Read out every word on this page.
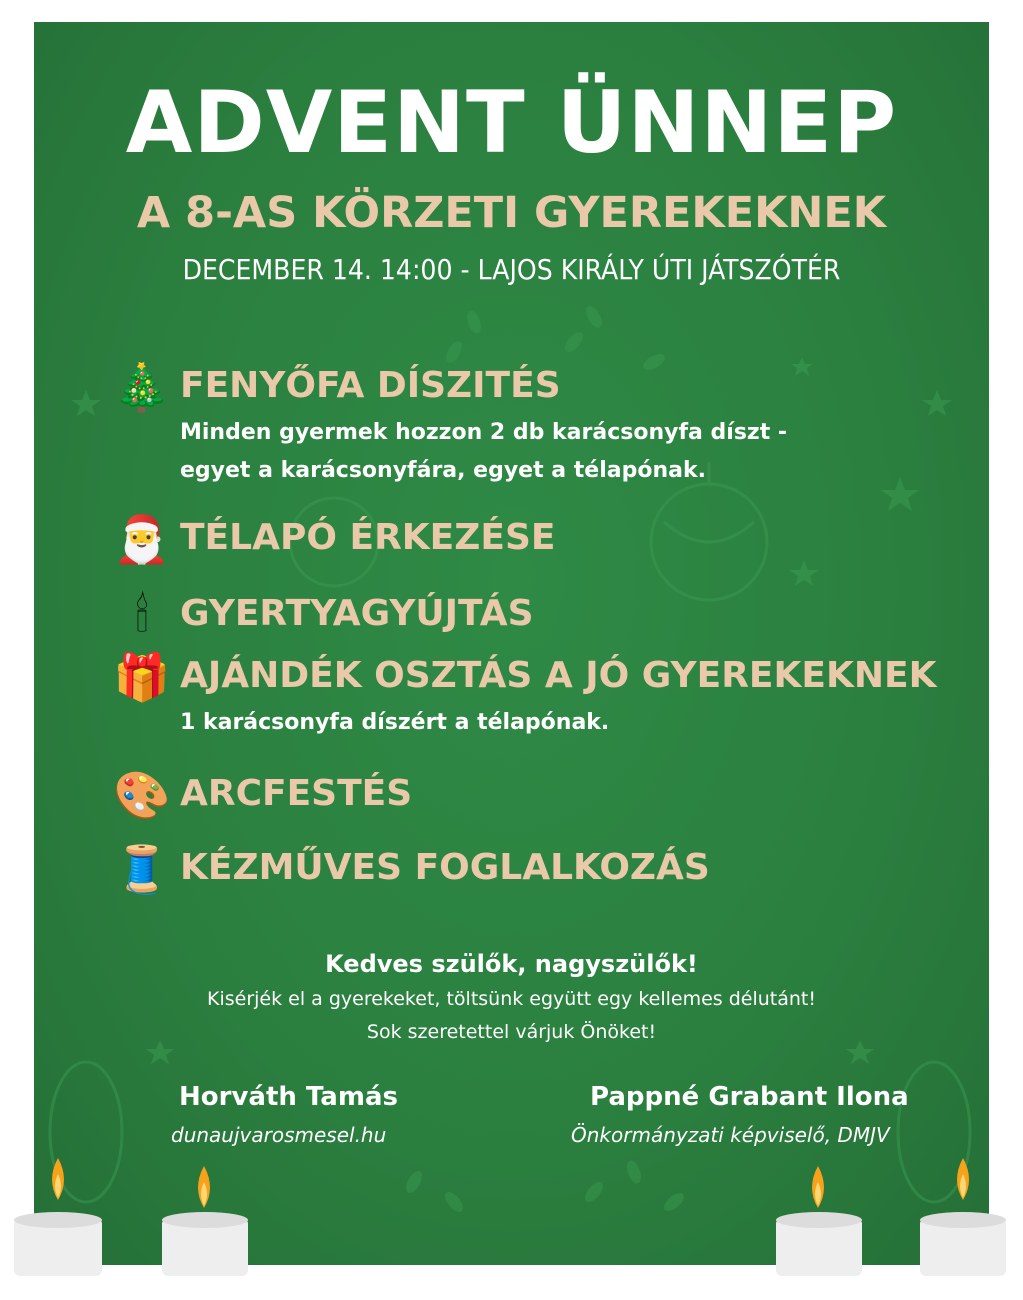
ADVENT ÜNNEP
A 8-AS KÖRZETI GYEREKEKNEK
DECEMBER 14. 14:00 - LAJOS KIRÁLY ÚTI JÁTSZÓTÉR
🎄 FENYŐFA DÍSZITÉS
Minden gyermek hozzon 2 db karácsonyfa díszt -
egyet a karácsonyfára, egyet a télapónak.
🎅 TÉLAPÓ ÉRKEZÉSE
🕯 GYERTYAGYÚJTÁS
🎁 AJÁNDÉK OSZTÁS A JÓ GYEREKEKNEK
1 karácsonyfa díszért a télapónak.
🎨 ARCFESTÉS
🧵 KÉZMŰVES FOGLALKOZÁS
Kedves szülők, nagyszülők!
Kisérjék el a gyerekeket, töltsünk együtt egy kellemes délutánt!
Sok szeretettel várjuk Önöket!
Horváth Tamás
dunaujvarosmesel.hu
Pappné Grabant Ilona
Önkormányzati képviselő, DMJV
